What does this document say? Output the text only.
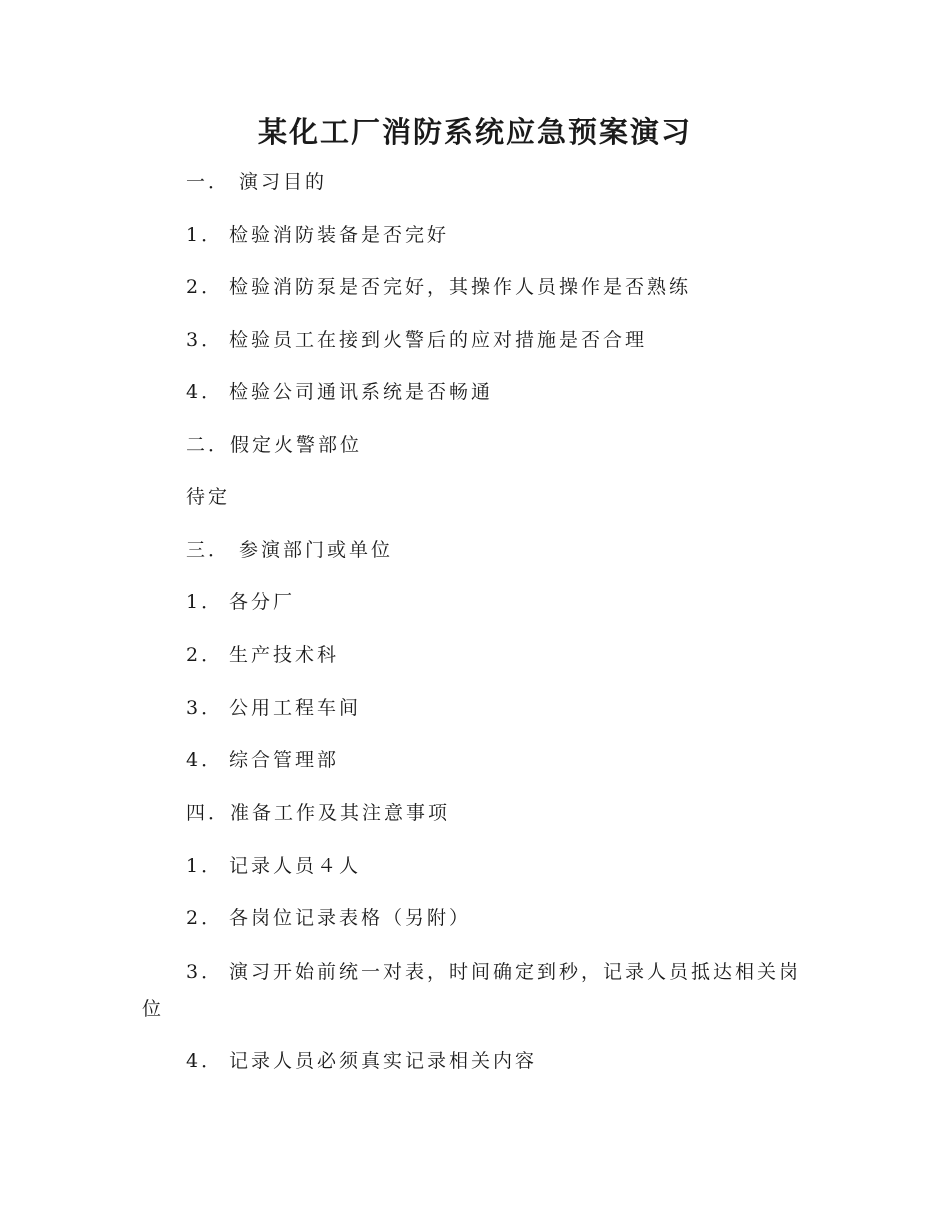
某化工厂消防系统应急预案演习
一． 演习目的
1． 检验消防装备是否完好
2． 检验消防泵是否完好，其操作人员操作是否熟练
3． 检验员工在接到火警后的应对措施是否合理
4． 检验公司通讯系统是否畅通
二．假定火警部位
待定
三． 参演部门或单位
1． 各分厂
2． 生产技术科
3． 公用工程车间
4． 综合管理部
四．准备工作及其注意事项
1． 记录人员４人
2． 各岗位记录表格（另附）
3． 演习开始前统一对表，时间确定到秒，记录人员抵达相关岗
位
4． 记录人员必须真实记录相关内容
